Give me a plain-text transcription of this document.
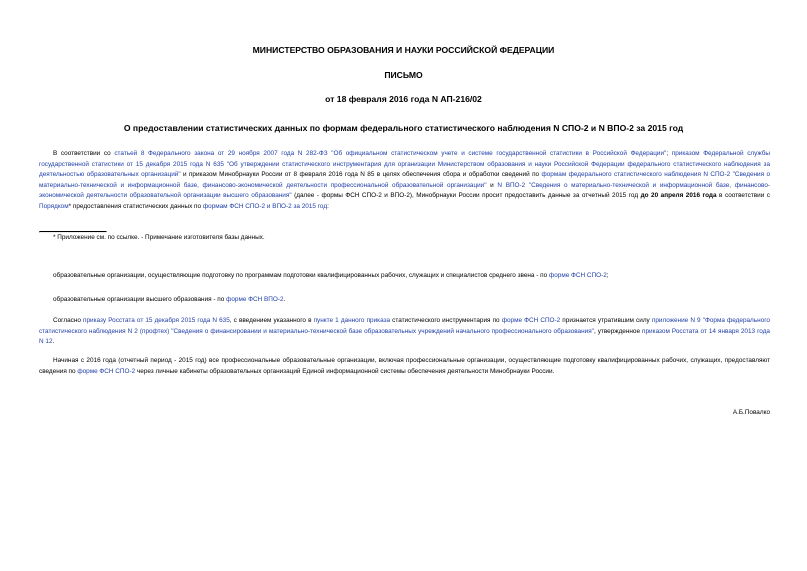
МИНИСТЕРСТВО ОБРАЗОВАНИЯ И НАУКИ РОССИЙСКОЙ ФЕДЕРАЦИИ

ПИСЬМО

от 18 февраля 2016 года N АП-216/02

О предоставлении статистических данных по формам федерального статистического наблюдения N СПО-2 и N ВПО-2 за 2015 год

В соответствии со статьей 8 Федерального закона от 29 ноября 2007 года N 282-ФЗ "Об официальном статистическом учете и системе государственной статистики в Российской Федерации"; приказом Федеральной службы государственной статистики от 15 декабря 2015 года N 635 "Об утверждении статистического инструментария для организации Министерством образования и науки Российской Федерации федерального статистического наблюдения за деятельностью образовательных организаций" и приказом Минобрнауки России от 8 февраля 2016 года N 85 в целях обеспечения сбора и обработки сведений по формам федерального статистического наблюдения N СПО-2 "Сведения о материально-технической и информационной базе, финансово-экономической деятельности профессиональной образовательной организации" и N ВПО-2 "Сведения о материально-технической и информационной базе, финансово-экономической деятельности образовательной организации высшего образования" (далее - формы ФСН СПО-2 и ВПО-2), Минобрнауки России просит предоставить данные за отчетный 2015 год до 20 апреля 2016 года в соответствии с Порядком* предоставления статистических данных по формам ФСН СПО-2 и ВПО-2 за 2015 год:

* Приложение см. по ссылке. - Примечание изготовителя базы данных.

образовательные организации, осуществляющие подготовку по программам подготовки квалифицированных рабочих, служащих и специалистов среднего звена - по форме ФСН СПО-2;

образовательные организации высшего образования - по форме ФСН ВПО-2.

Согласно приказу Росстата от 15 декабря 2015 года N 635, с введением указанного в пункте 1 данного приказа статистического инструментария по форме ФСН СПО-2 признается утратившим силу приложение N 9 "Форма федерального статистического наблюдения N 2 (профтех) "Сведения о финансировании и материально-технической базе образовательных учреждений начального профессионального образования", утвержденное приказом Росстата от 14 января 2013 года N 12.

Начиная с 2016 года (отчетный период - 2015 год) все профессиональные образовательные организации, включая профессиональные организации, осуществляющие подготовку квалифицированных рабочих, служащих, предоставляют сведения по форме ФСН СПО-2 через личные кабинеты образовательных организаций Единой информационной системы обеспечения деятельности Минобрнауки России.

А.Б.Повалко
